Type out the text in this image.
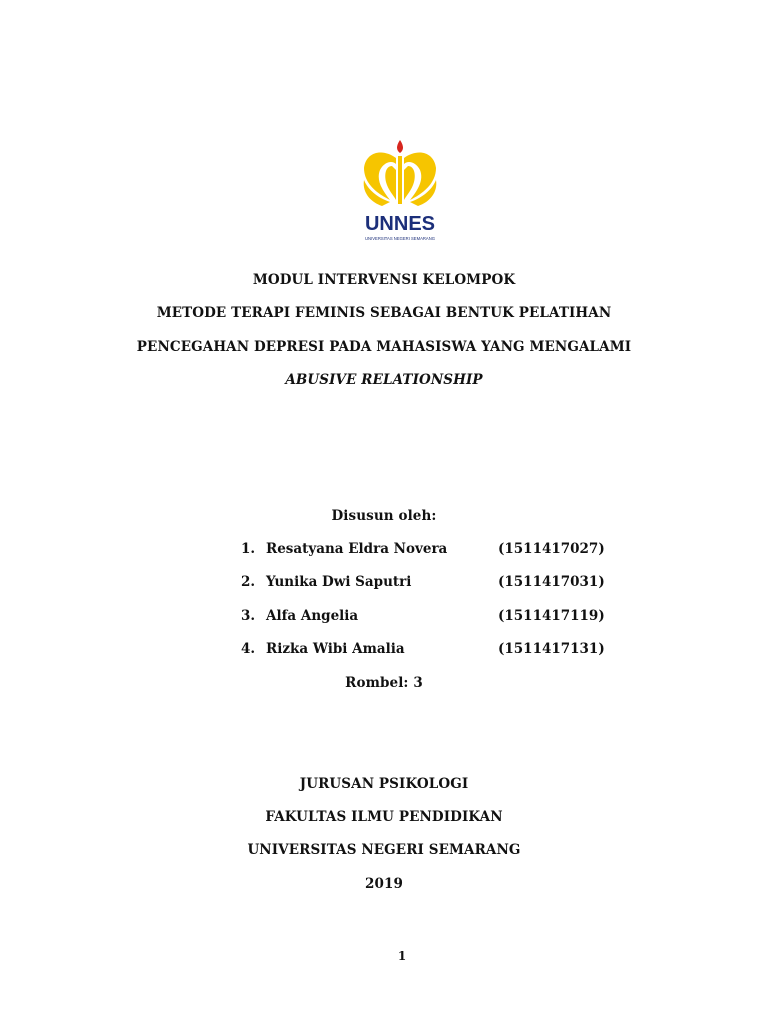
UNNES
UNIVERSITAS NEGERI SEMARANG
MODUL INTERVENSI KELOMPOK
METODE TERAPI FEMINIS SEBAGAI BENTUK PELATIHAN
PENCEGAHAN DEPRESI PADA MAHASISWA YANG MENGALAMI
ABUSIVE RELATIONSHIP
Disusun oleh:
1. Resatyana Eldra Novera	(1511417027)
2. Yunika Dwi Saputri	(1511417031)
3. Alfa Angelia	(1511417119)
4. Rizka Wibi Amalia	(1511417131)
Rombel: 3
JURUSAN PSIKOLOGI
FAKULTAS ILMU PENDIDIKAN
UNIVERSITAS NEGERI SEMARANG
2019
1
